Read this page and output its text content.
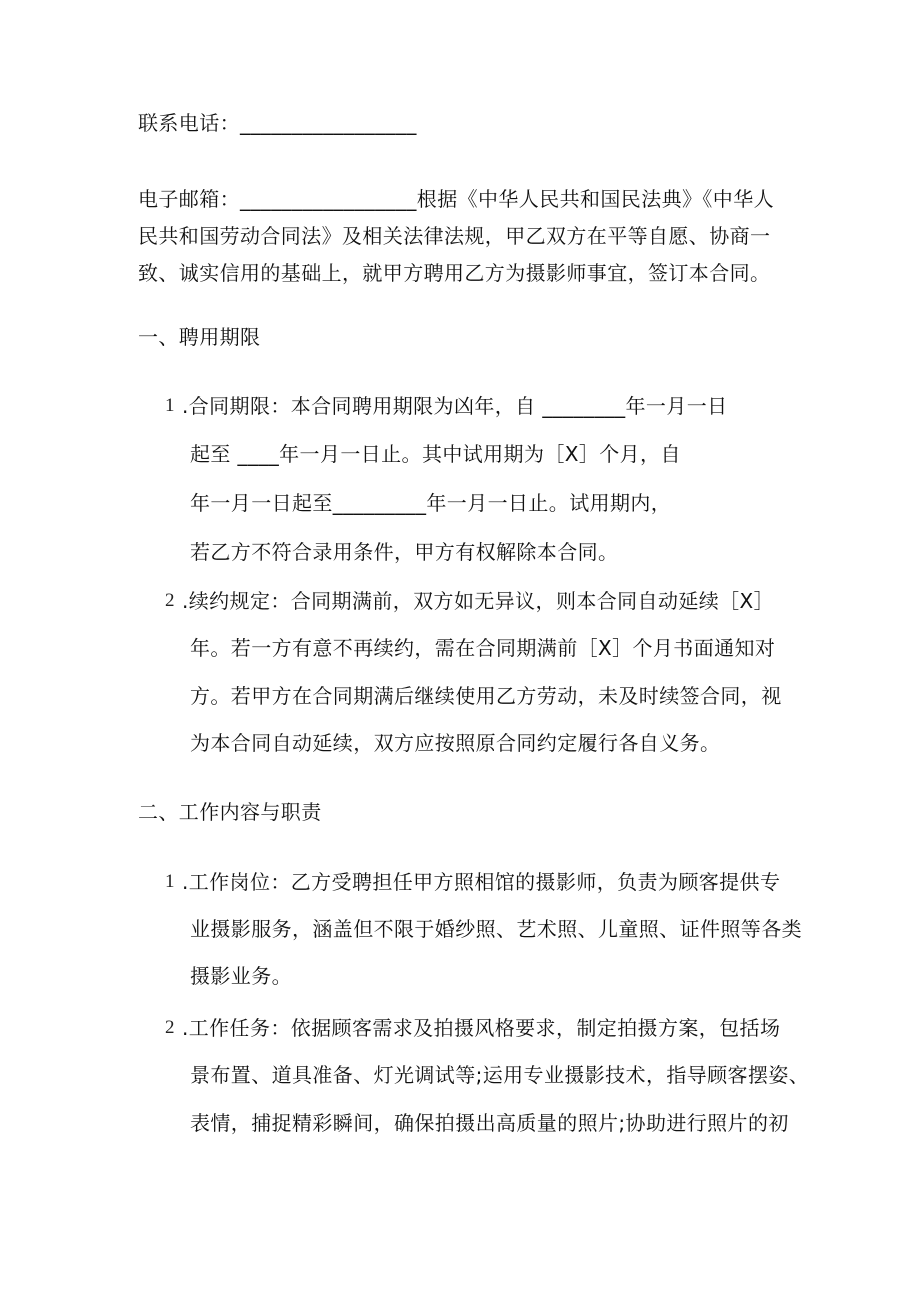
联系电话：_________________

电子邮箱：_________________根据《中华人民共和国民法典》《中华人

民共和国劳动合同法》及相关法律法规，甲乙双方在平等自愿、协商一

致、诚实信用的基础上，就甲方聘用乙方为摄影师事宜，签订本合同。

一、聘用期限
1 .合同期限：本合同聘用期限为凶年，自 ________年一月一日

起至 ____年一月一日止。其中试用期为［X］个月，自

年一月一日起至_________年一月一日止。试用期内，

若乙方不符合录用条件，甲方有权解除本合同。

2 .续约规定：合同期满前，双方如无异议，则本合同自动延续［X］

年。若一方有意不再续约，需在合同期满前［X］个月书面通知对

方。若甲方在合同期满后继续使用乙方劳动，未及时续签合同，视

为本合同自动延续，双方应按照原合同约定履行各自义务。

二、工作内容与职责
1 .工作岗位：乙方受聘担任甲方照相馆的摄影师，负责为顾客提供专

业摄影服务，涵盖但不限于婚纱照、艺术照、儿童照、证件照等各类

摄影业务。

2 .工作任务：依据顾客需求及拍摄风格要求，制定拍摄方案，包括场

景布置、道具准备、灯光调试等;运用专业摄影技术，指导顾客摆姿、

表情，捕捉精彩瞬间，确保拍摄出高质量的照片;协助进行照片的初
